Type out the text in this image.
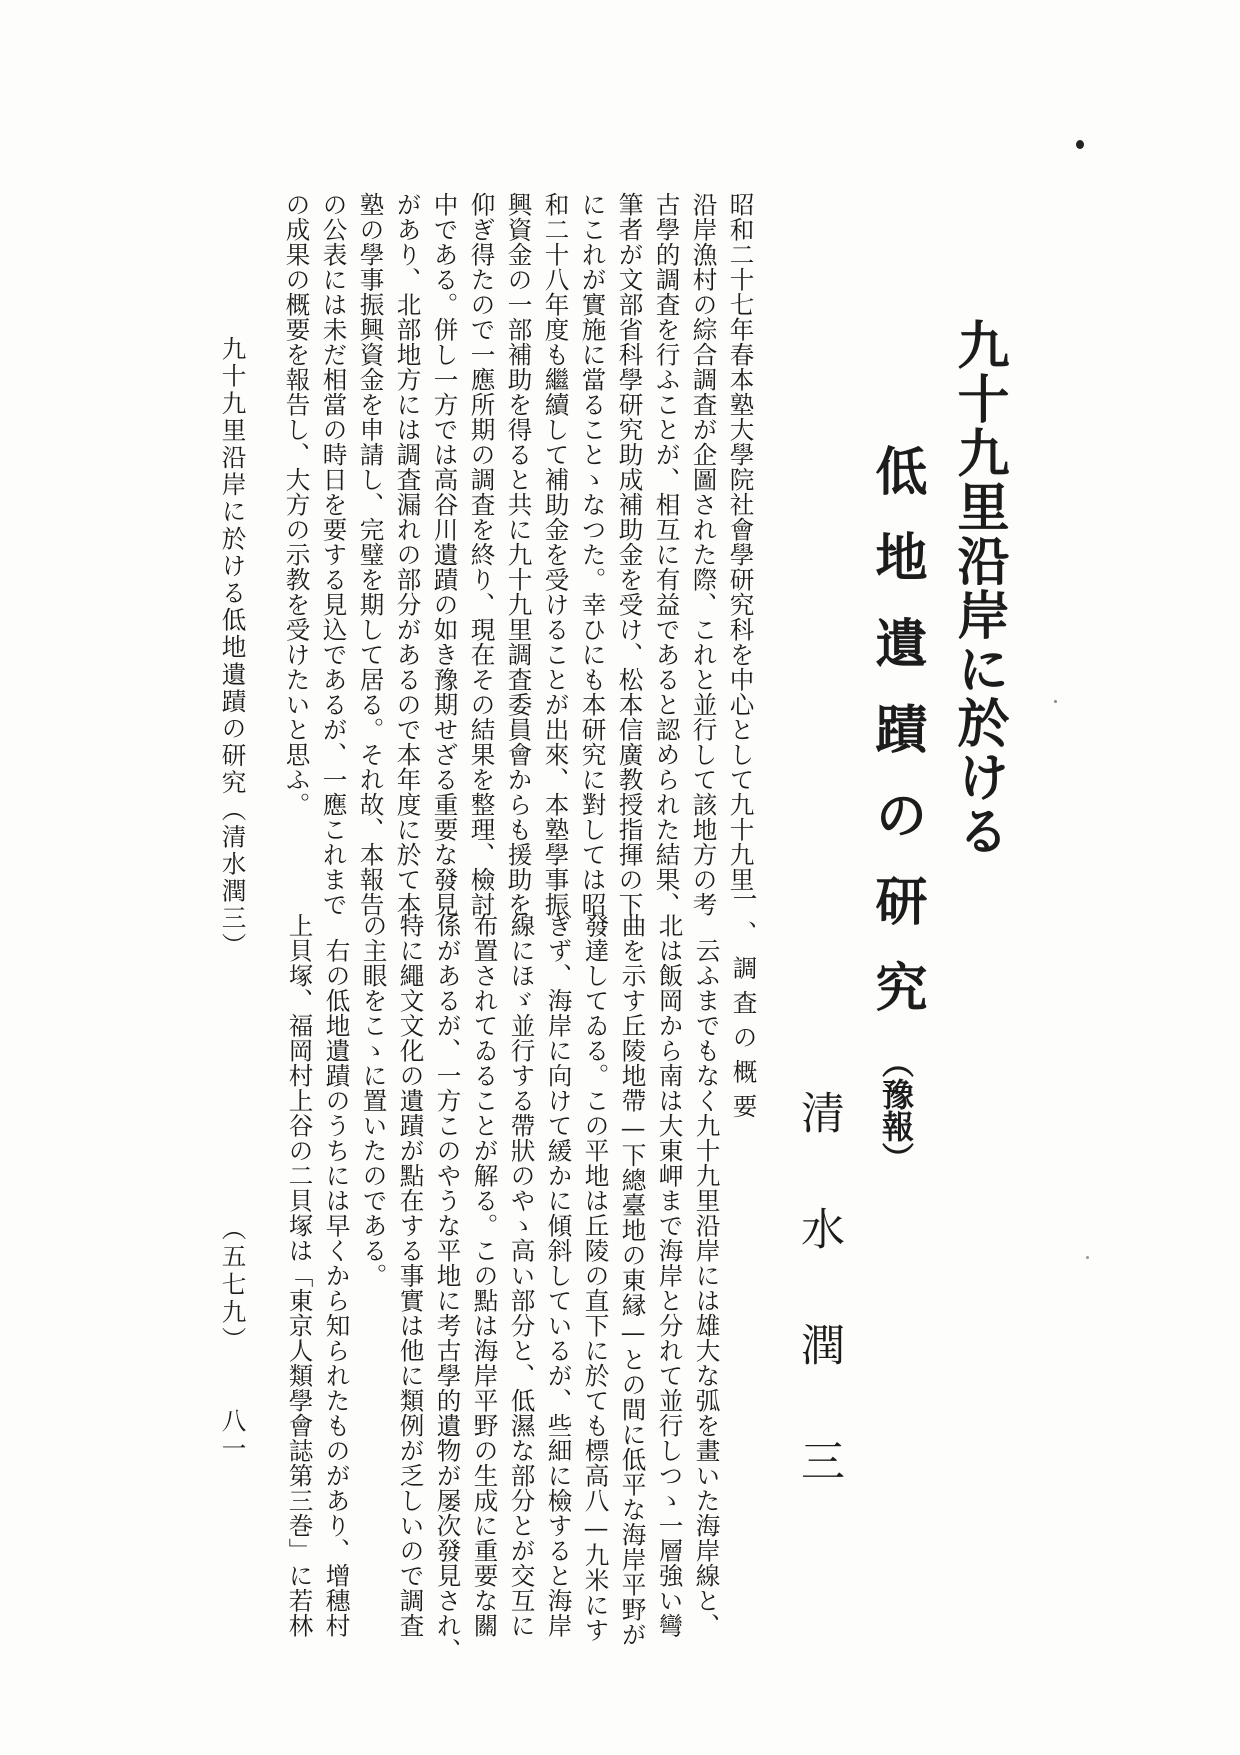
九十九里沿岸に於ける
低地遺蹟の研究（豫報）
清水潤三
昭和二十七年春本塾大學院社會學研究科を中心として九十九里
沿岸漁村の綜合調査が企圖された際、これと並行して該地方の考
古學的調査を行ふことが、相互に有益であると認められた結果、
筆者が文部省科學研究助成補助金を受け、松本信廣教授指揮の下
にこれが實施に當ることゝなつた。幸ひにも本研究に對しては昭
和二十八年度も繼續して補助金を受けることが出來、本塾學事振
興資金の一部補助を得ると共に九十九里調査委員會からも援助を
仰ぎ得たので一應所期の調査を終り、現在その結果を整理、檢討
中である。併し一方では高谷川遺蹟の如き豫期せざる重要な發見
があり、北部地方には調査漏れの部分があるので本年度に於て本
塾の學事振興資金を申請し、完璧を期して居る。それ故、本報告
の公表には未だ相當の時日を要する見込であるが、一應これまで
の成果の概要を報告し、大方の示教を受けたいと思ふ。
九十九里沿岸に於ける低地遺蹟の研究（清水潤三）
一、調査の概要
云ふまでもなく九十九里沿岸には雄大な弧を畫いた海岸線と、
北は飯岡から南は大東岬まで海岸と分れて並行しつゝ一層強い彎
曲を示す丘陵地帶—下總臺地の東縁—との間に低平な海岸平野が
發達してゐる。この平地は丘陵の直下に於ても標高八—九米にす
ぎず、海岸に向けて緩かに傾斜しているが、些細に檢すると海岸
線にほゞ並行する帶狀のやゝ高い部分と、低濕な部分とが交互に
布置されてゐることが解る。この點は海岸平野の生成に重要な關
係があるが、一方このやうな平地に考古學的遺物が屡次發見され、
特に繩文文化の遺蹟が點在する事實は他に類例が乏しいので調査
の主眼をこゝに置いたのである。
右の低地遺蹟のうちには早くから知られたものがあり、增穗村
上貝塚、福岡村上谷の二貝塚は「東京人類學會誌第三巻」に若林
（五七九）
八一
